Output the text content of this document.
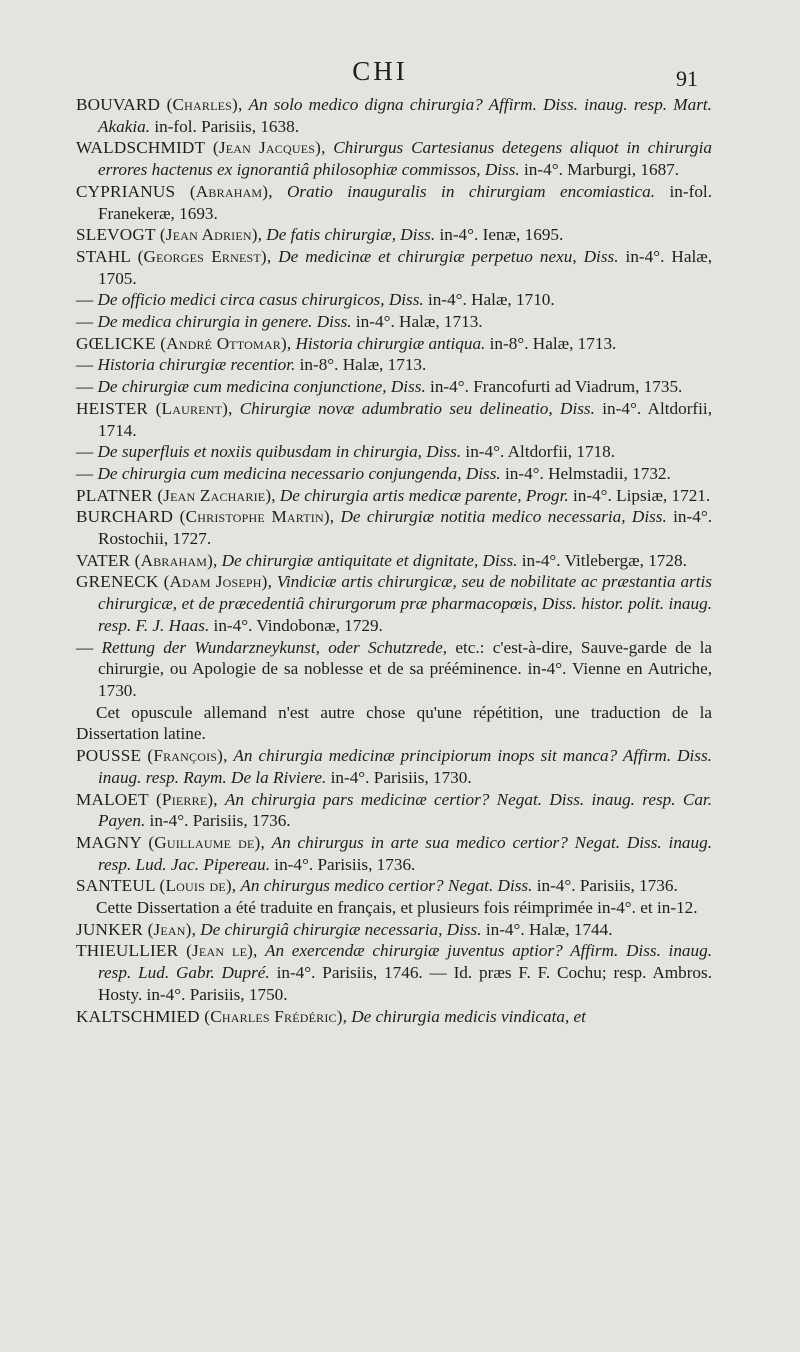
CHI	91

BOUVARD (Charles), An solo medico digna chirurgia? Affirm. Diss. inaug. resp. Mart. Akakia. in-fol. Parisiis, 1638.

WALDSCHMIDT (Jean Jacques), Chirurgus Cartesianus detegens aliquot in chirurgia errores hactenus ex ignorantiâ philosophiæ commissos, Diss. in-4°. Marburgi, 1687.

CYPRIANUS (Abraham), Oratio inauguralis in chirurgiam encomiastica. in-fol. Franekeræ, 1693.

SLEVOGT (Jean Adrien), De fatis chirurgiæ, Diss. in-4°. Ienæ, 1695.

STAHL (Georges Ernest), De medicinæ et chirurgiæ perpetuo nexu, Diss. in-4°. Halæ, 1705.

— De officio medici circa casus chirurgicos, Diss. in-4°. Halæ, 1710.

— De medica chirurgia in genere. Diss. in-4°. Halæ, 1713.

GŒLICKE (André Ottomar), Historia chirurgiæ antiqua. in-8°. Halæ, 1713.

— Historia chirurgiæ recentior. in-8°. Halæ, 1713.

— De chirurgiæ cum medicina conjunctione, Diss. in-4°. Francofurti ad Viadrum, 1735.

HEISTER (Laurent), Chirurgiæ novæ adumbratio seu delineatio, Diss. in-4°. Altdorfii, 1714.

— De superfluis et noxiis quibusdam in chirurgia, Diss. in-4°. Altdorfii, 1718.

— De chirurgia cum medicina necessario conjungenda, Diss. in-4°. Helmstadii, 1732.

PLATNER (Jean Zacharie), De chirurgia artis medicæ parente, Progr. in-4°. Lipsiæ, 1721.

BURCHARD (Christophe Martin), De chirurgiæ notitia medico necessaria, Diss. in-4°. Rostochii, 1727.

VATER (Abraham), De chirurgiæ antiquitate et dignitate, Diss. in-4°. Vitlebergæ, 1728.

GRENECK (Adam Joseph), Vindiciæ artis chirurgicæ, seu de nobilitate ac præstantia artis chirurgicæ, et de præcedentiâ chirurgorum præ pharmacopœis, Diss. histor. polit. inaug. resp. F. J. Haas. in-4°. Vindobonæ, 1729.

— Rettung der Wundarzneykunst, oder Schutzrede, etc.: c'est-à-dire, Sauve-garde de la chirurgie, ou Apologie de sa noblesse et de sa prééminence. in-4°. Vienne en Autriche, 1730.

Cet opuscule allemand n'est autre chose qu'une répétition, une traduction de la Dissertation latine.

POUSSE (François), An chirurgia medicinæ principiorum inops sit manca? Affirm. Diss. inaug. resp. Raym. De la Riviere. in-4°. Parisiis, 1730.

MALOET (Pierre), An chirurgia pars medicinæ certior? Negat. Diss. inaug. resp. Car. Payen. in-4°. Parisiis, 1736.

MAGNY (Guillaume de), An chirurgus in arte sua medico certior? Negat. Diss. inaug. resp. Lud. Jac. Pipereau. in-4°. Parisiis, 1736.

SANTEUL (Louis de), An chirurgus medico certior? Negat. Diss. in-4°. Parisiis, 1736.

Cette Dissertation a été traduite en français, et plusieurs fois réimprimée in-4°. et in-12.

JUNKER (Jean), De chirurgiâ chirurgiæ necessaria, Diss. in-4°. Halæ, 1744.

THIEULLIER (Jean le), An exercendæ chirurgiæ juventus aptior? Affirm. Diss. inaug. resp. Lud. Gabr. Dupré. in-4°. Parisiis, 1746. — Id. præs F. F. Cochu; resp. Ambros. Hosty. in-4°. Parisiis, 1750.

KALTSCHMIED (Charles Frédéric), De chirurgia medicis vindicata, et
